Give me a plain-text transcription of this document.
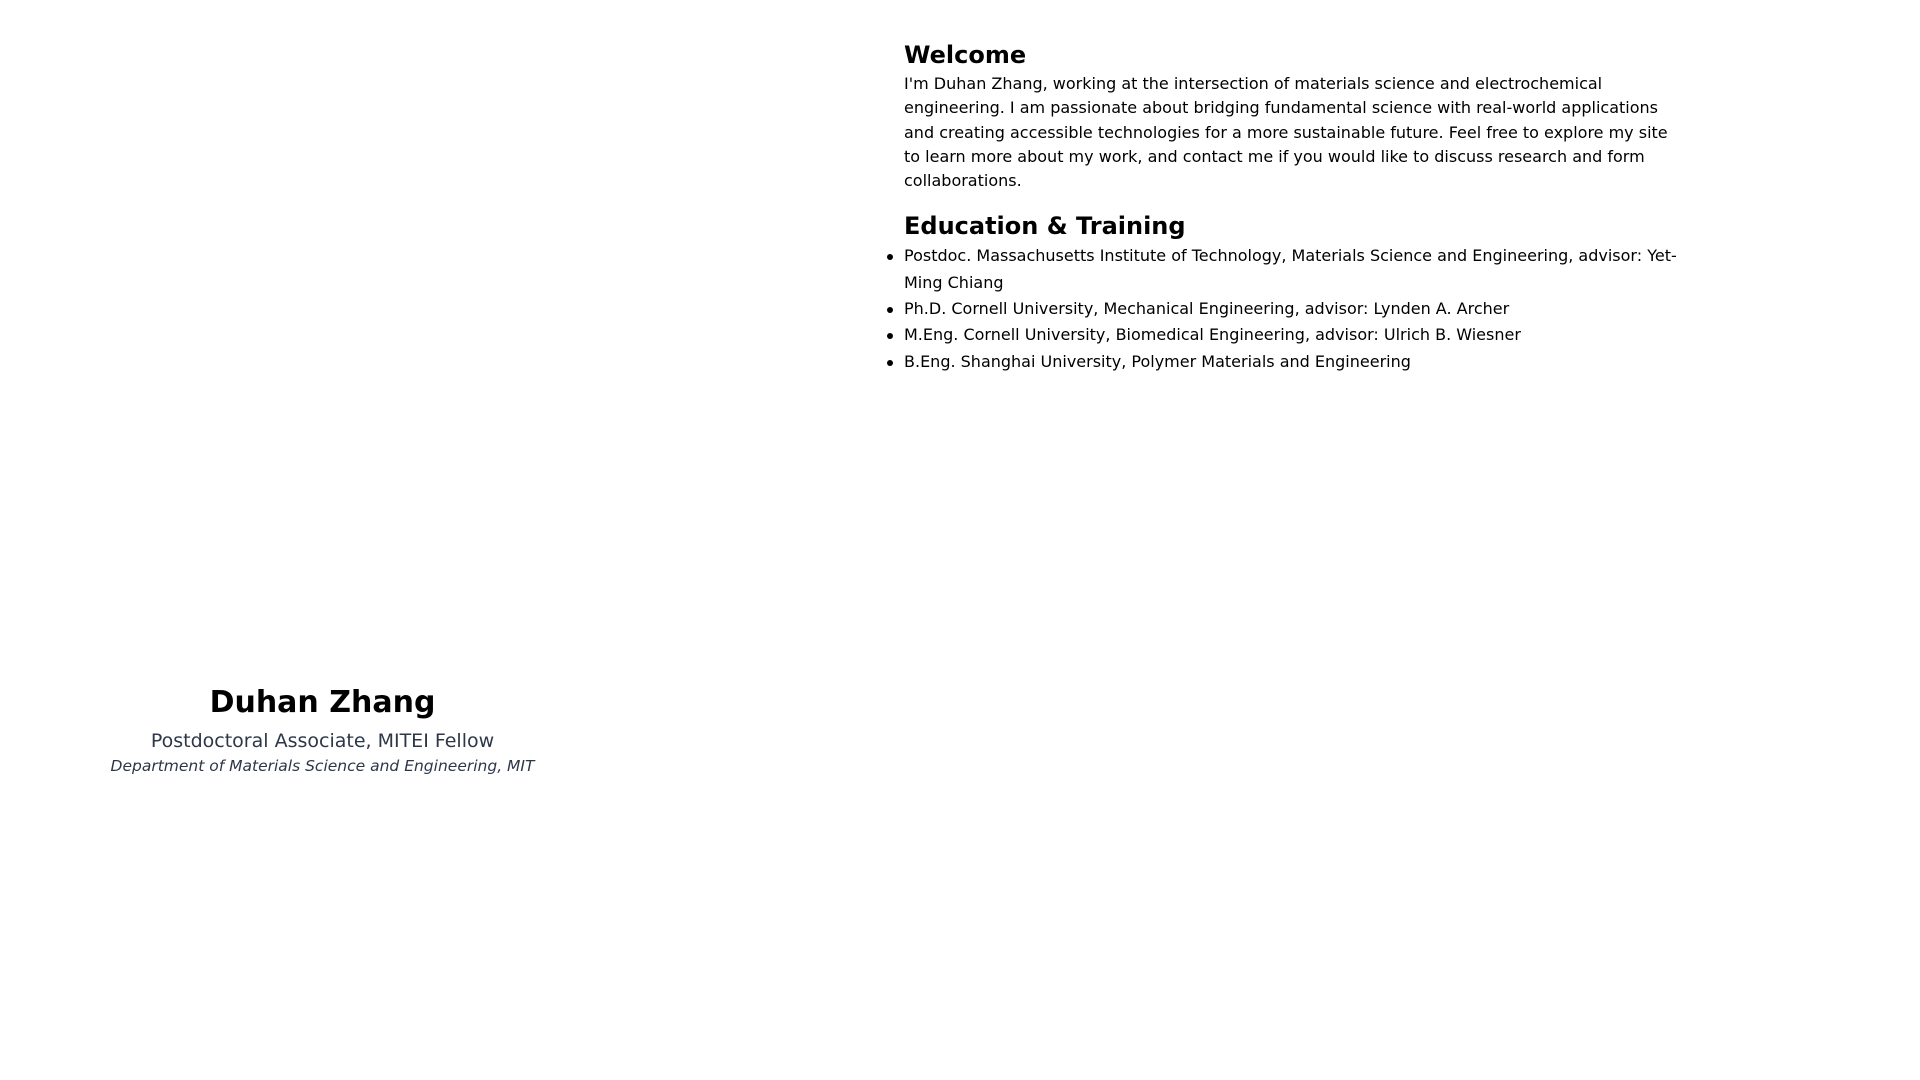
Duhan Zhang

Postdoctoral Associate, MITEI Fellow

Department of Materials Science and Engineering, MIT

Welcome

I'm Duhan Zhang, working at the intersection of materials science and electrochemical engineering. I am passionate about bridging fundamental science with real-world applications and creating accessible technologies for a more sustainable future. Feel free to explore my site to learn more about my work, and contact me if you would like to discuss research and form collaborations.

Education & Training
Postdoc. Massachusetts Institute of Technology, Materials Science and Engineering, advisor: Yet-Ming Chiang
Ph.D. Cornell University, Mechanical Engineering, advisor: Lynden A. Archer
M.Eng. Cornell University, Biomedical Engineering, advisor: Ulrich B. Wiesner
B.Eng. Shanghai University, Polymer Materials and Engineering
